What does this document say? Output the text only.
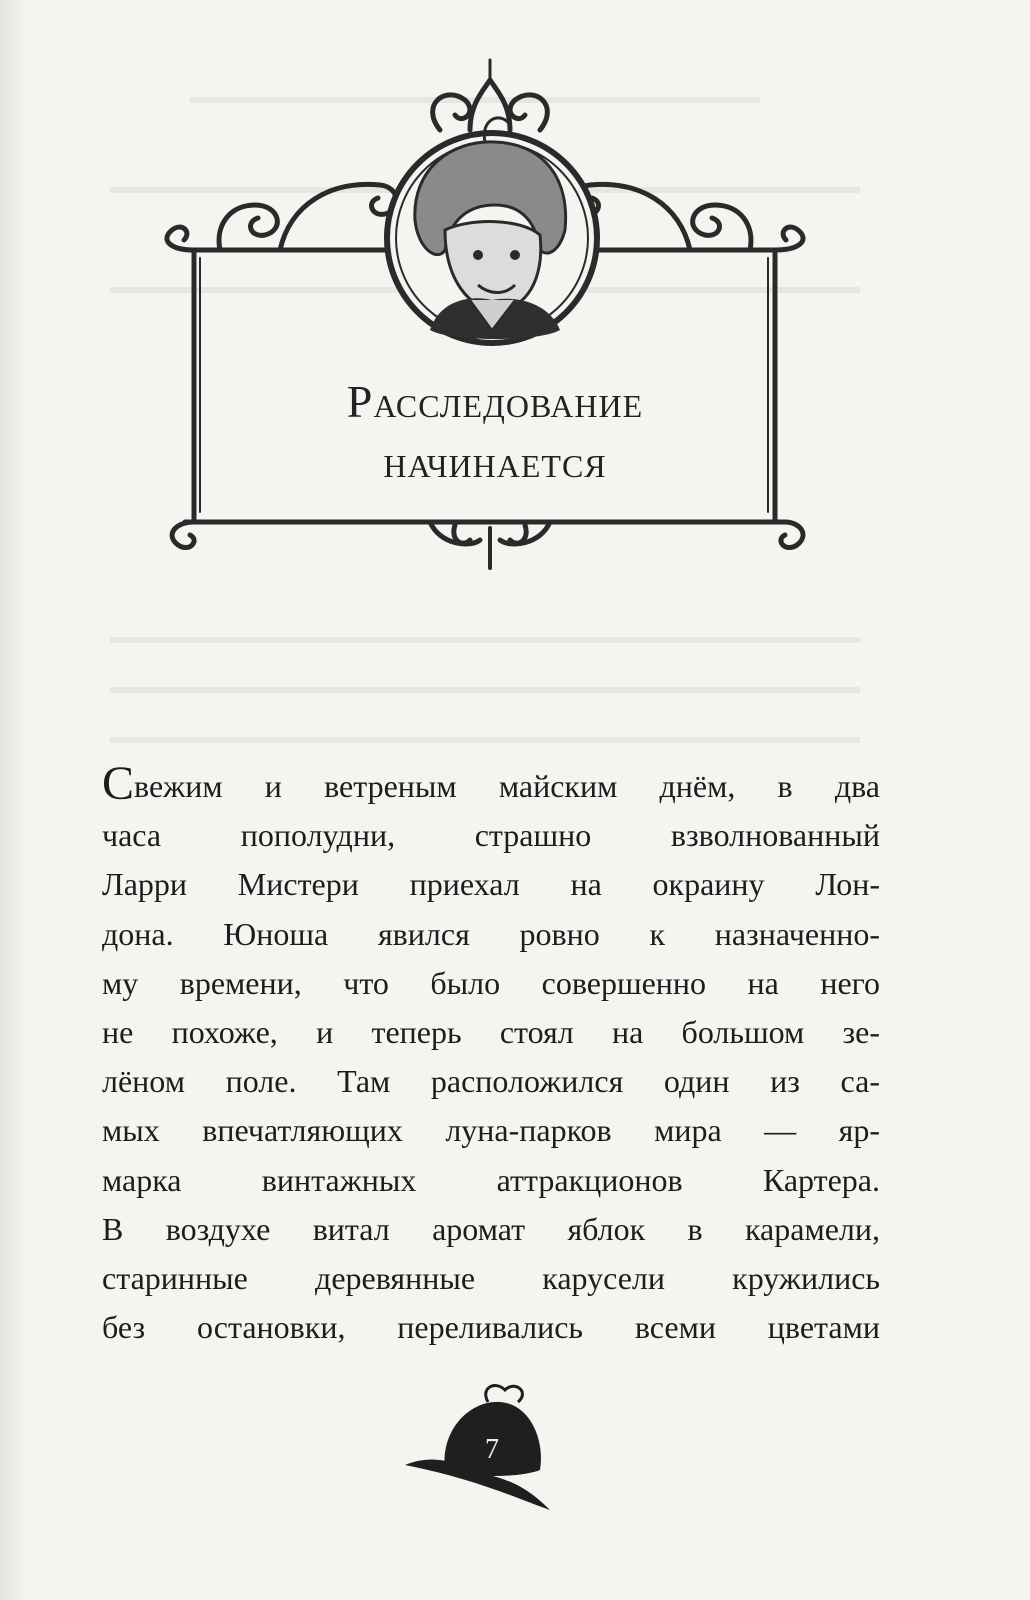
Расследование
начинается
Свежим и ветреным майским днём, в два
часа пополудни, страшно взволнованный
Ларри Мистери приехал на окраину Лон-
дона. Юноша явился ровно к назначенно-
му времени, что было совершенно на него
не похоже, и теперь стоял на большом зе-
лёном поле. Там расположился один из са-
мых впечатляющих луна-парков мира — яр-
марка винтажных аттракционов Картера.
В воздухе витал аромат яблок в карамели,
старинные деревянные карусели кружились
без остановки, переливались всеми цветами
7
